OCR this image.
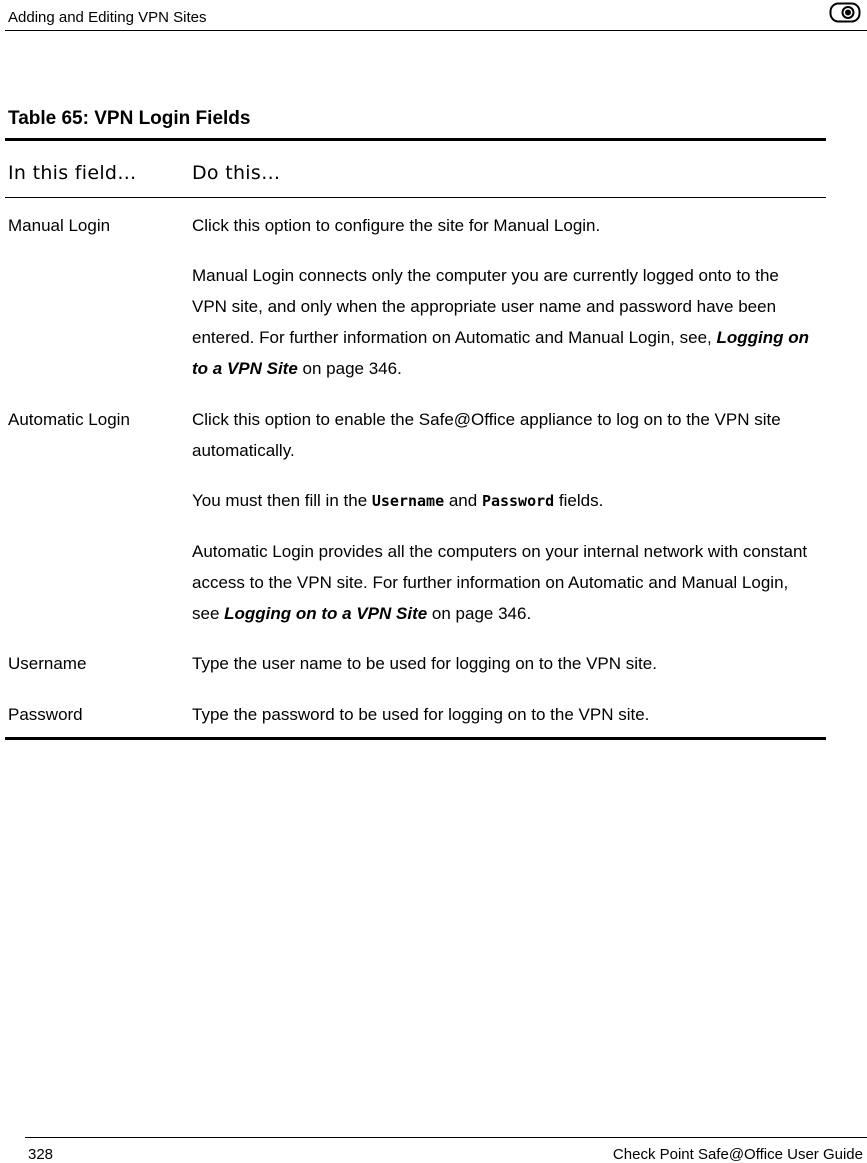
Adding and Editing VPN Sites
Table 65: VPN Login Fields
In this field…	Do this…
Manual Login	Click this option to configure the site for Manual Login.
Manual Login connects only the computer you are currently logged onto to the VPN site, and only when the appropriate user name and password have been entered. For further information on Automatic and Manual Login, see, Logging on to a VPN Site on page 346.
Automatic Login	Click this option to enable the Safe@Office appliance to log on to the VPN site automatically.
You must then fill in the Username and Password fields.
Automatic Login provides all the computers on your internal network with constant access to the VPN site. For further information on Automatic and Manual Login, see Logging on to a VPN Site on page 346.
Username	Type the user name to be used for logging on to the VPN site.
Password	Type the password to be used for logging on to the VPN site.
328	Check Point Safe@Office User Guide
